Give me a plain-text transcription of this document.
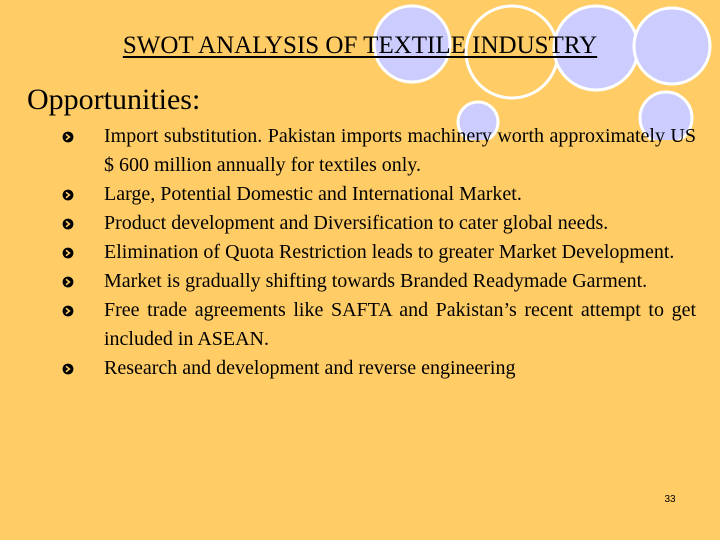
SWOT ANALYSIS OF TEXTILE INDUSTRY
Opportunities:
Import substitution. Pakistan imports machinery worth approximately US $ 600 million annually for textiles only.
Large, Potential Domestic and International Market.
Product development and Diversification to cater global needs.
Elimination of Quota Restriction leads to greater Market Development.
Market is gradually shifting towards Branded Readymade Garment.
Free trade agreements like SAFTA and Pakistan’s recent attempt to get included in ASEAN.
Research and development and reverse engineering
33
